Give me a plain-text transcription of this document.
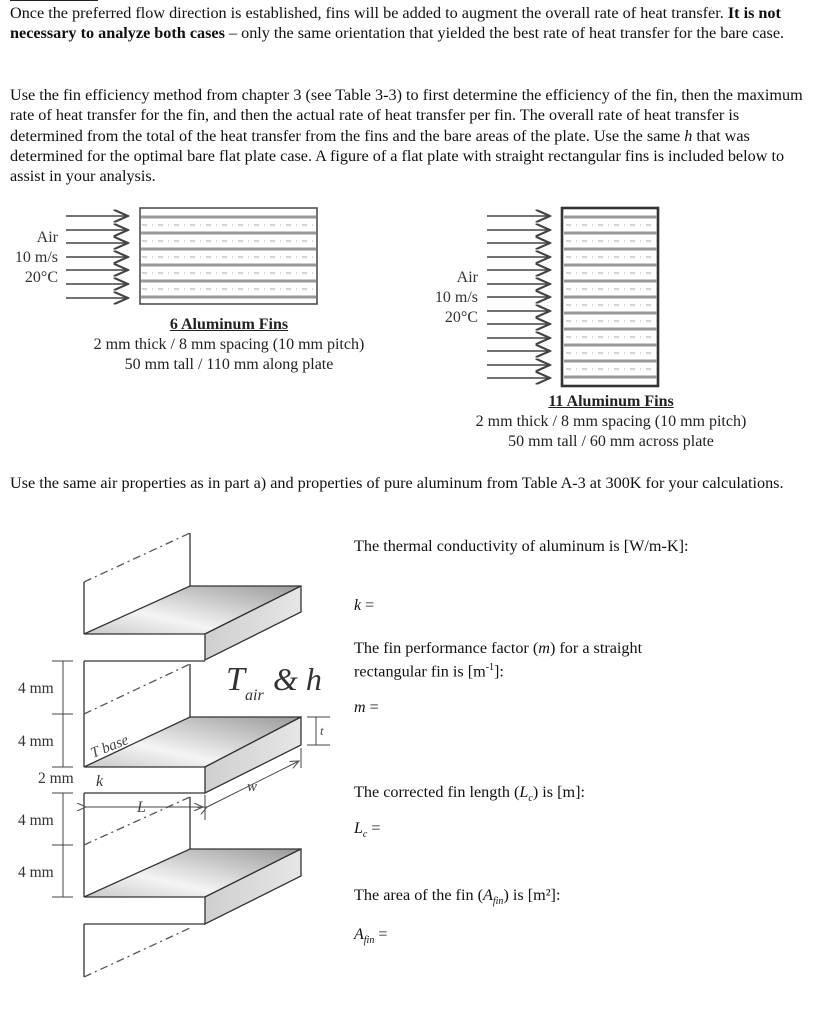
Once the preferred flow direction is established, fins will be added to augment the overall rate of heat transfer. It is not necessary to analyze both cases – only the same orientation that yielded the best rate of heat transfer for the bare case.

Use the fin efficiency method from chapter 3 (see Table 3-3) to first determine the efficiency of the fin, then the maximum rate of heat transfer for the fin, and then the actual rate of heat transfer per fin. The overall rate of heat transfer is determined from the total of the heat transfer from the fins and the bare areas of the plate. Use the same h that was determined for the optimal bare flat plate case. A figure of a flat plate with straight rectangular fins is included below to assist in your analysis.

Air
10 m/s
20°C
6 Aluminum Fins
2 mm thick / 8 mm spacing (10 mm pitch)
50 mm tall / 110 mm along plate
Air
10 m/s
20°C
11 Aluminum Fins
2 mm thick / 8 mm spacing (10 mm pitch)
50 mm tall / 60 mm across plate

Use the same air properties as in part a) and properties of pure aluminum from Table A-3 at 300K for your calculations.

T air & h
T base
k
L
w
t
4 mm
4 mm
2 mm
4 mm
4 mm
The thermal conductivity of aluminum is [W/m-K]:
k =
The fin performance factor (m) for a straight rectangular fin is $[m^{-1}]$:
m =
The corrected fin length $(L_c)$ is [m]:
$L_c$ =
The area of the fin $(A_{fin})$ is [m²]:
$A_{fin}$ =
